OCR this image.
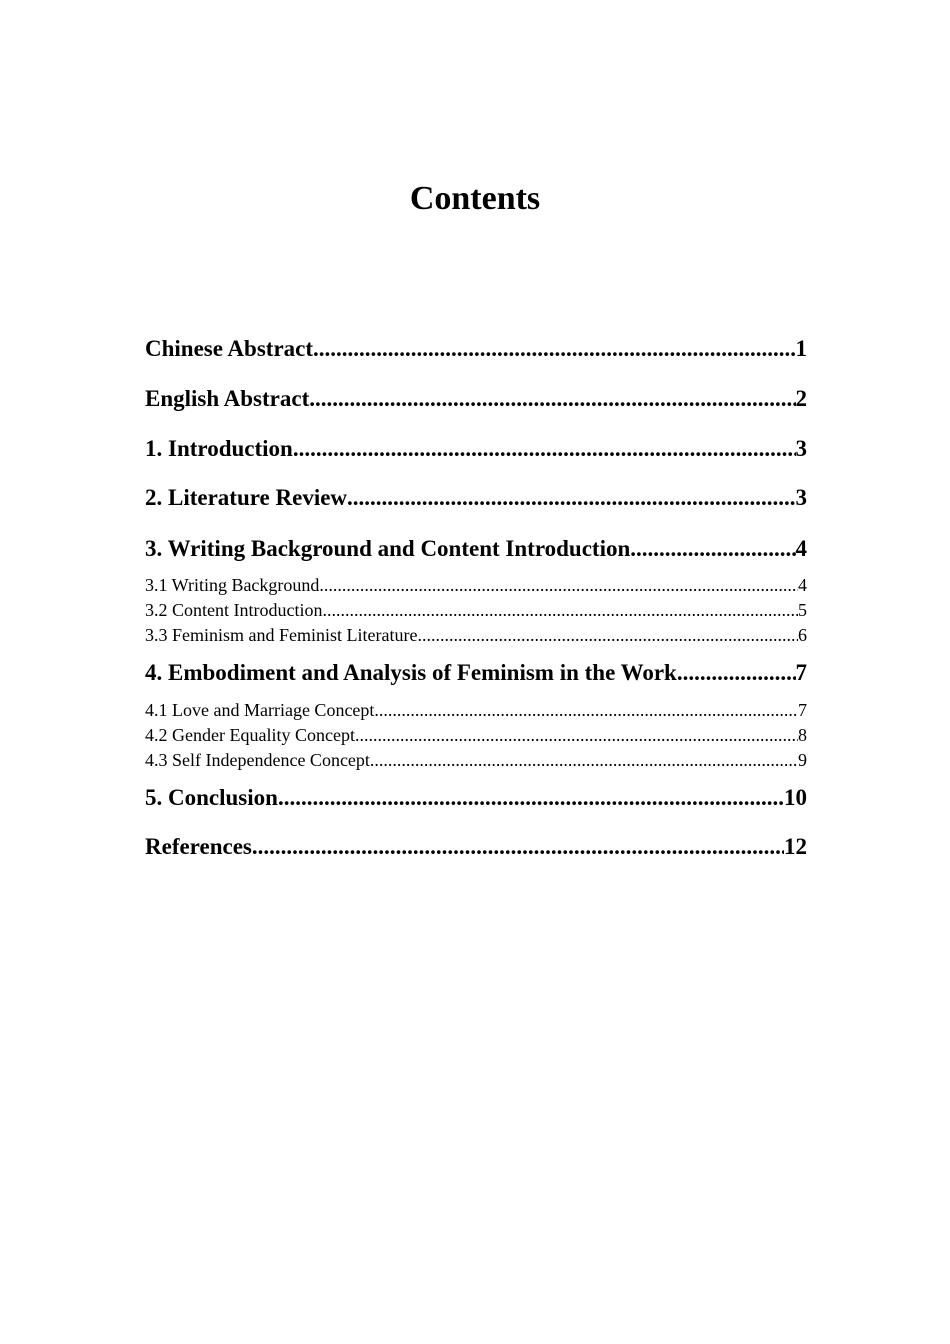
Contents
Chinese Abstract .....	1
English Abstract .....	2
1. Introduction .....	3
2. Literature Review .....	3
3. Writing Background and Content Introduction .....	4
3.1 Writing Background .....	4
3.2 Content Introduction .....	5
3.3 Feminism and Feminist Literature .....	6
4. Embodiment and Analysis of Feminism in the Work .....	7
4.1 Love and Marriage Concept .....	7
4.2 Gender Equality Concept .....	8
4.3 Self Independence Concept .....	9
5. Conclusion .....	10
References .....	12
